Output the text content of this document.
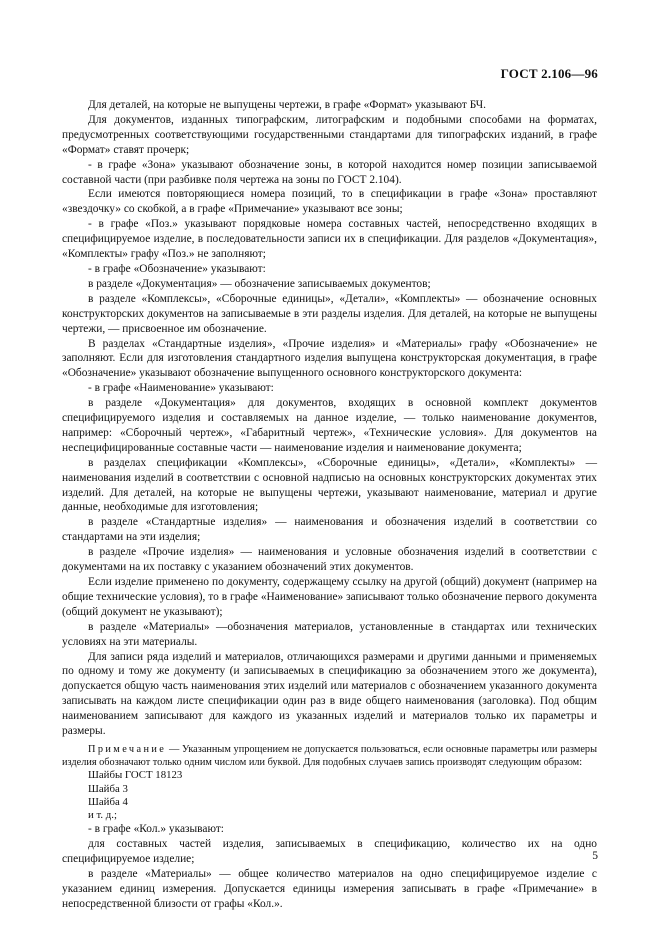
ГОСТ 2.106—96

Для деталей, на которые не выпущены чертежи, в графе «Формат» указывают БЧ.

Для документов, изданных типографским, литографским и подобными способами на форматах, предусмотренных соответствующими государственными стандартами для типографских изданий, в графе «Формат» ставят прочерк;

- в графе «Зона» указывают обозначение зоны, в которой находится номер позиции записываемой составной части (при разбивке поля чертежа на зоны по ГОСТ 2.104).

Если имеются повторяющиеся номера позиций, то в спецификации в графе «Зона» проставляют «звездочку» со скобкой, а в графе «Примечание» указывают все зоны;

- в графе «Поз.» указывают порядковые номера составных частей, непосредственно входящих в специфицируемое изделие, в последовательности записи их в спецификации. Для разделов «Документация», «Комплекты» графу «Поз.» не заполняют;

- в графе «Обозначение» указывают:

в разделе «Документация» — обозначение записываемых документов;

в разделе «Комплексы», «Сборочные единицы», «Детали», «Комплекты» — обозначение основных конструкторских документов на записываемые в эти разделы изделия. Для деталей, на которые не выпущены чертежи, — присвоенное им обозначение.

В разделах «Стандартные изделия», «Прочие изделия» и «Материалы» графу «Обозначение» не заполняют. Если для изготовления стандартного изделия выпущена конструкторская документация, в графе «Обозначение» указывают обозначение выпущенного основного конструкторского документа:

- в графе «Наименование» указывают:

в разделе «Документация» для документов, входящих в основной комплект документов специфицируемого изделия и составляемых на данное изделие, — только наименование документов, например: «Сборочный чертеж», «Габаритный чертеж», «Технические условия». Для документов на неспецифицированные составные части — наименование изделия и наименование документа;

в разделах спецификации «Комплексы», «Сборочные единицы», «Детали», «Комплекты» — наименования изделий в соответствии с основной надписью на основных конструкторских документах этих изделий. Для деталей, на которые не выпущены чертежи, указывают наименование, материал и другие данные, необходимые для изготовления;

в разделе «Стандартные изделия» — наименования и обозначения изделий в соответствии со стандартами на эти изделия;

в разделе «Прочие изделия» — наименования и условные обозначения изделий в соответствии с документами на их поставку с указанием обозначений этих документов.

Если изделие применено по документу, содержащему ссылку на другой (общий) документ (например на общие технические условия), то в графе «Наименование» записывают только обозначение первого документа (общий документ не указывают);

в разделе «Материалы» —обозначения материалов, установленные в стандартах или технических условиях на эти материалы.

Для записи ряда изделий и материалов, отличающихся размерами и другими данными и применяемых по одному и тому же документу (и записываемых в спецификацию за обозначением этого же документа), допускается общую часть наименования этих изделий или материалов с обозначением указанного документа записывать на каждом листе спецификации один раз в виде общего наименования (заголовка). Под общим наименованием записывают для каждого из указанных изделий и материалов только их параметры и размеры.

Примечание — Указанным упрощением не допускается пользоваться, если основные параметры или размеры изделия обозначают только одним числом или буквой. Для подобных случаев запись производят следующим образом:

Шайбы ГОСТ 18123
Шайба 3
Шайба 4
и т. д.;

- в графе «Кол.» указывают:

для составных частей изделия, записываемых в спецификацию, количество их на одно специфицируемое изделие;

в разделе «Материалы» — общее количество материалов на одно специфицируемое изделие с указанием единиц измерения. Допускается единицы измерения записывать в графе «Примечание» в непосредственной близости от графы «Кол.».

5
